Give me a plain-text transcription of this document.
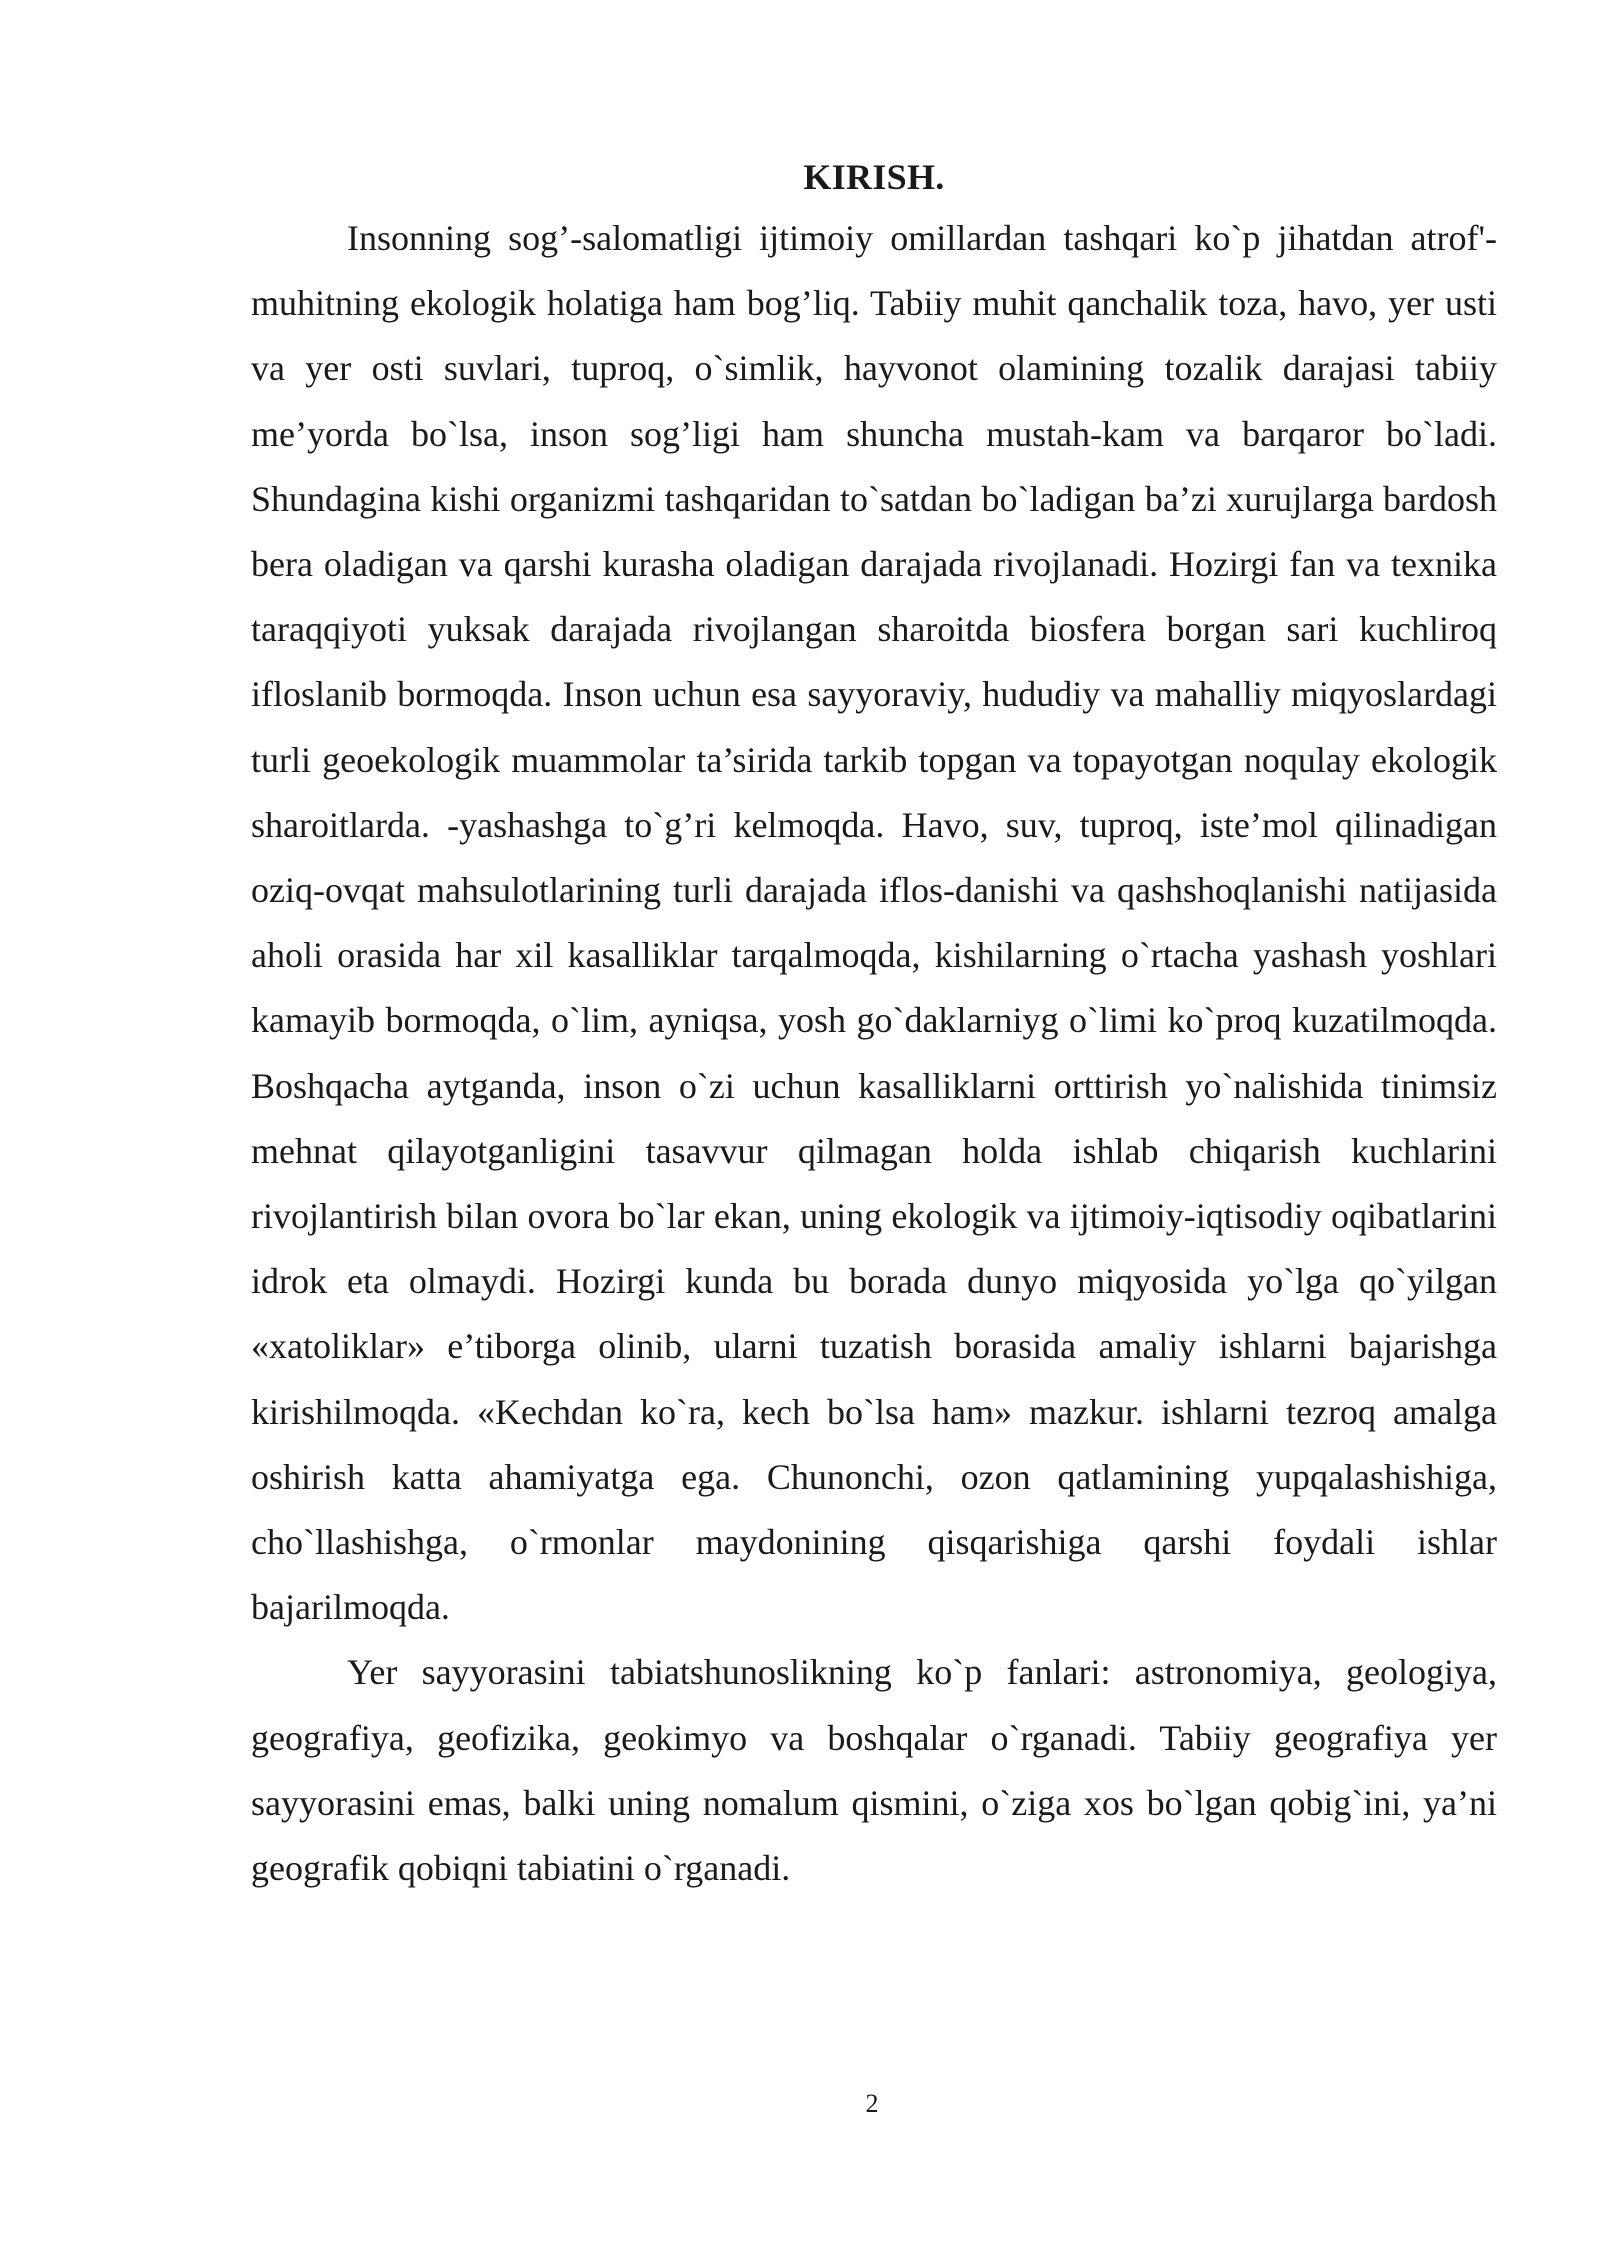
KIRISH.

Insonning sog’-salomatligi ijtimoiy omillardan tashqari ko`p jihatdan atrof'-muhitning ekologik holatiga ham bog’liq. Tabiiy muhit qanchalik toza, havo, yer usti va yer osti suvlari, tuproq, o`simlik, hayvonot olamining tozalik darajasi tabiiy me’yorda bo`lsa, inson sog’ligi ham shuncha mustah-kam va barqaror bo`ladi. Shundagina kishi organizmi tashqaridan to`satdan bo`ladigan ba’zi xurujlarga bardosh bera oladigan va qarshi kurasha oladigan darajada rivojlanadi. Hozirgi fan va texnika taraqqiyoti yuksak darajada rivojlangan sharoitda biosfera borgan sari kuchliroq ifloslanib bormoqda. Inson uchun esa sayyoraviy, hududiy va mahalliy miqyoslardagi turli geoekologik muammolar ta’sirida tarkib topgan va topayotgan noqulay ekologik sharoitlarda. -yashashga to`g’ri kelmoqda. Havo, suv, tuproq, iste’mol qilinadigan oziq-ovqat mahsulotlarining turli darajada iflos-danishi va qashshoqlanishi natijasida aholi orasida har xil kasalliklar tarqalmoqda, kishilarning o`rtacha yashash yoshlari kamayib bormoqda, o`lim, ayniqsa, yosh go`daklarniyg o`limi ko`proq kuzatilmoqda. Boshqacha aytganda, inson o`zi uchun kasalliklarni orttirish yo`nalishida tinimsiz mehnat qilayotganligini tasavvur qilmagan holda ishlab chiqarish kuchlarini rivojlantirish bilan ovora bo`lar ekan, uning ekologik va ijtimoiy-iqtisodiy oqibatlarini idrok eta olmaydi. Hozirgi kunda bu borada dunyo miqyosida yo`lga qo`yilgan «xatoliklar» e’tiborga olinib, ularni tuzatish borasida amaliy ishlarni bajarishga kirishilmoqda. «Kechdan ko`ra, kech bo`lsa ham» mazkur. ishlarni tezroq amalga oshirish katta ahamiyatga ega. Chunonchi, ozon qatlamining yupqalashishiga, cho`llashishga, o`rmonlar maydonining qisqarishiga qarshi foydali ishlar bajarilmoqda.

Yer sayyorasini tabiatshunoslikning ko`p fanlari: astronomiya, geologiya, geografiya, geofizika, geokimyo va boshqalar o`rganadi. Tabiiy geografiya yer sayyorasini emas, balki uning nomalum qismini, o`ziga xos bo`lgan qobig`ini, ya’ni geografik qobiqni tabiatini o`rganadi.

2
